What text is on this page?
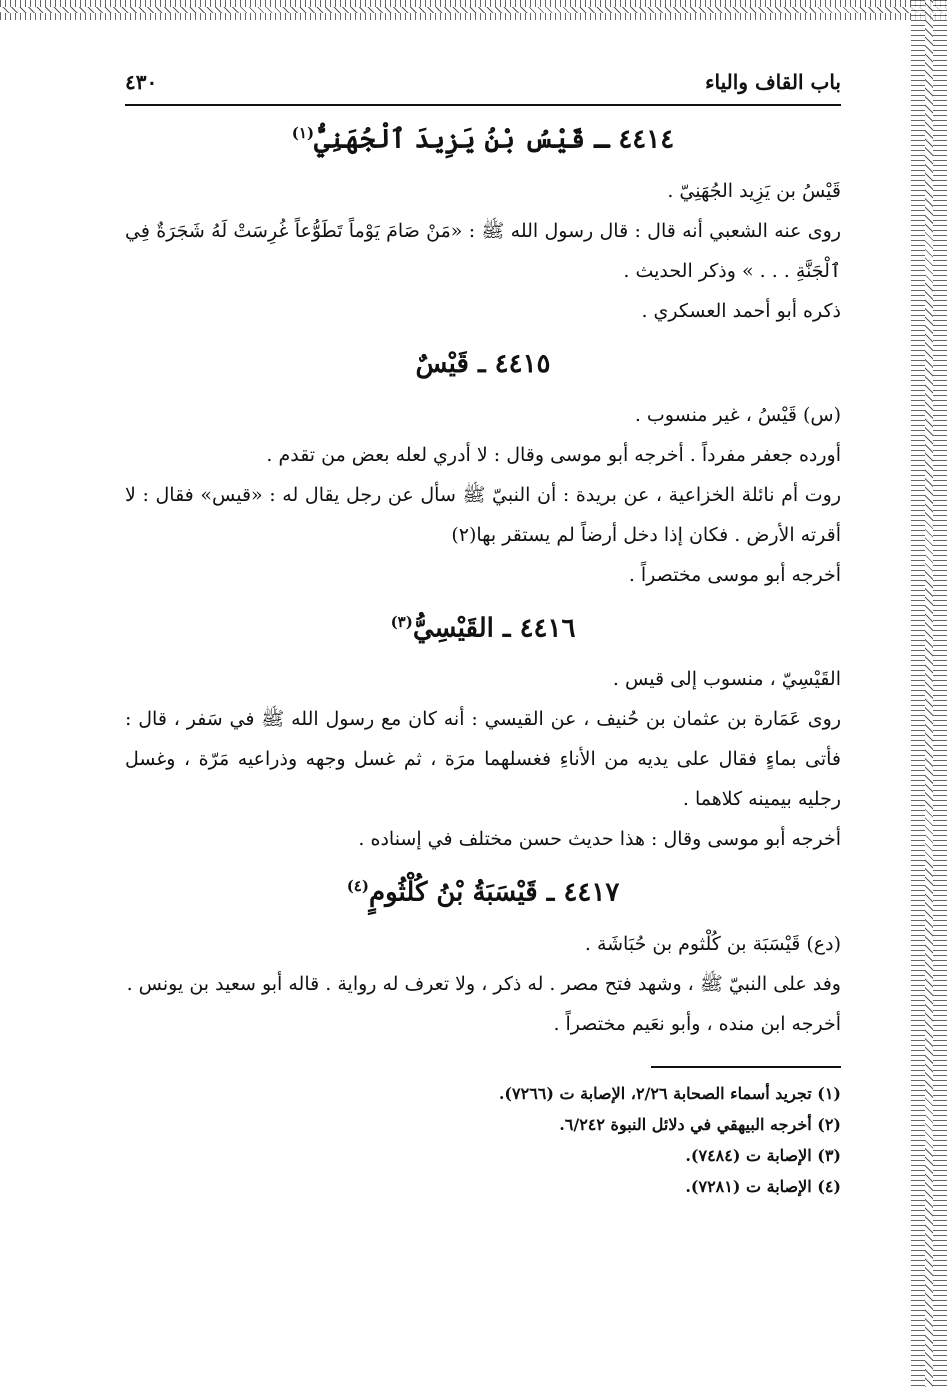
باب القاف والياء
٤٣٠
٤٤١٤ ـ قَيْسُ بْنُ يَزِيدَ ٱلْجُهَنِيُّ$^{(١)}$

قَيْسُ بن يَزِيد الجُهَنِيّ .

روى عنه الشعبي أنه قال : قال رسول الله ﷺ : «مَنْ صَامَ يَوْماً تَطَوُّعاً غُرِسَتْ لَهُ شَجَرَةٌ فِي ٱلْجَنَّةِ . . . » وذكر الحديث .

ذكره أبو أحمد العسكري .

٤٤١٥ ـ قَيْسٌ

(س) قَيْسُ ، غير منسوب .

أورده جعفر مفرداً . أخرجه أبو موسى وقال : لا أدري لعله بعض من تقدم .

روت أم نائلة الخزاعية ، عن بريدة : أن النبيّ ﷺ سأل عن رجل يقال له : «قيس» فقال : لا أقرته الأرض . فكان إذا دخل أرضاً لم يستقر بها(٢)

أخرجه أبو موسى مختصراً .

٤٤١٦ ـ القَيْسِيُّ$^{(٣)}$

القَيْسِيّ ، منسوب إلى قيس .

روى عَمَارة بن عثمان بن حُنيف ، عن القيسي : أنه كان مع رسول الله ﷺ في سَفر ، قال : فأتى بماءٍ فقال على يديه من الأناءِ فغسلهما مرَة ، ثم غسل وجهه وذراعيه مَرّة ، وغسل رجليه بيمينه كلاهما .

أخرجه أبو موسى وقال : هذا حديث حسن مختلف في إسناده .

٤٤١٧ ـ قَيْسَبَةُ بْنُ كُلْثُومٍ$^{(٤)}$

(دع) قَيْسَبَة بن كُلْثوم بن حُبَاشَة .

وفد على النبيّ ﷺ ، وشهد فتح مصر . له ذكر ، ولا تعرف له رواية . قاله أبو سعيد بن يونس .

أخرجه ابن منده ، وأبو نعَيم مختصراً .

(١) تجريد أسماء الصحابة ٢/٢٦، الإصابة ت (٧٢٦٦).

(٢) أخرجه البيهقي في دلائل النبوة ٦/٢٤٢.

(٣) الإصابة ت (٧٤٨٤).

(٤) الإصابة ت (٧٢٨١).
